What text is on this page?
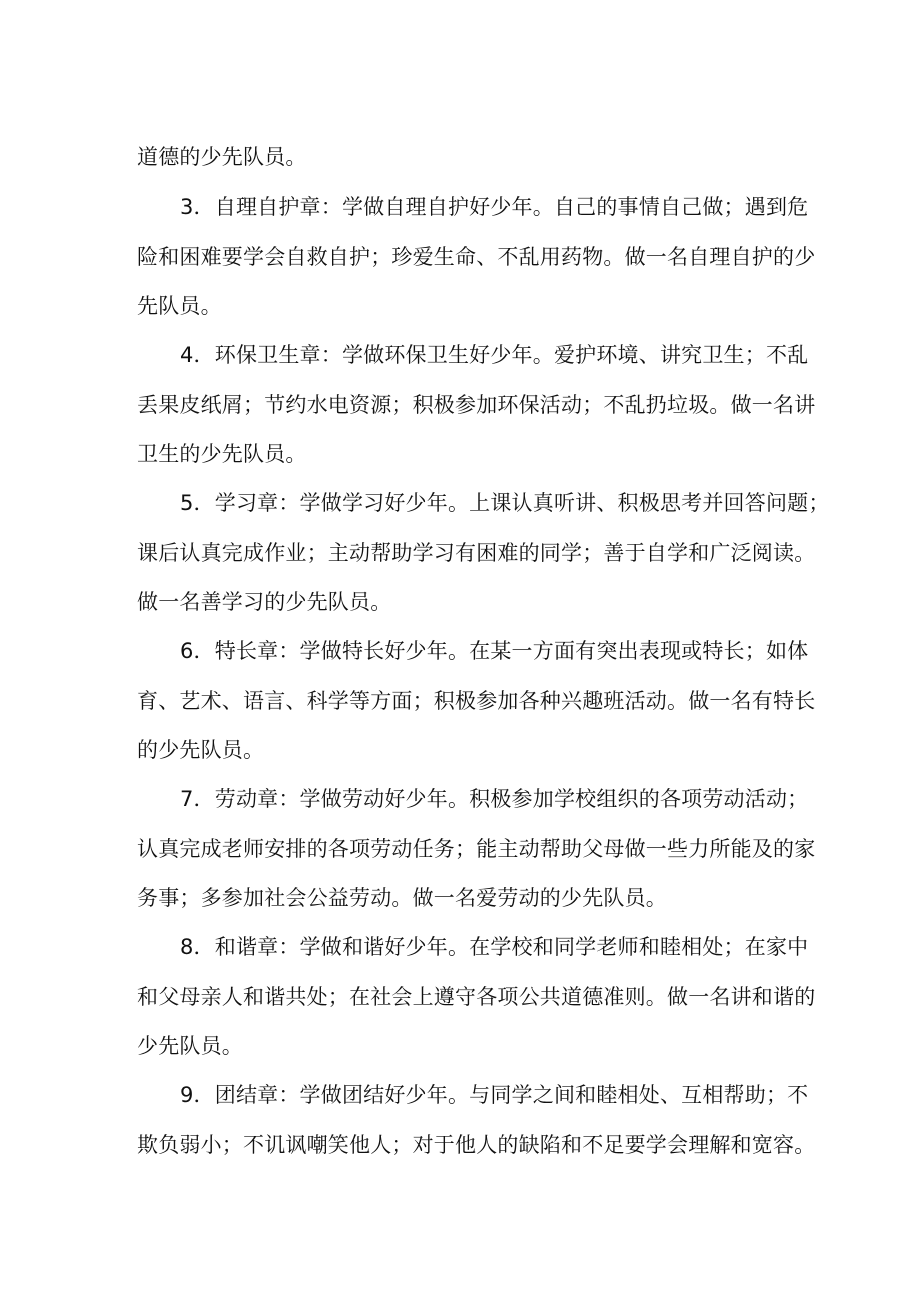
道德的少先队员。
3．自理自护章：学做自理自护好少年。自己的事情自己做；遇到危
险和困难要学会自救自护；珍爱生命、不乱用药物。做一名自理自护的少
先队员。
4．环保卫生章：学做环保卫生好少年。爱护环境、讲究卫生；不乱
丢果皮纸屑；节约水电资源；积极参加环保活动；不乱扔垃圾。做一名讲
卫生的少先队员。
5．学习章：学做学习好少年。上课认真听讲、积极思考并回答问题；
课后认真完成作业；主动帮助学习有困难的同学；善于自学和广泛阅读。
做一名善学习的少先队员。
6．特长章：学做特长好少年。在某一方面有突出表现或特长；如体
育、艺术、语言、科学等方面；积极参加各种兴趣班活动。做一名有特长
的少先队员。
7．劳动章：学做劳动好少年。积极参加学校组织的各项劳动活动；
认真完成老师安排的各项劳动任务；能主动帮助父母做一些力所能及的家
务事；多参加社会公益劳动。做一名爱劳动的少先队员。
8．和谐章：学做和谐好少年。在学校和同学老师和睦相处；在家中
和父母亲人和谐共处；在社会上遵守各项公共道德准则。做一名讲和谐的
少先队员。
9．团结章：学做团结好少年。与同学之间和睦相处、互相帮助；不
欺负弱小；不讥讽嘲笑他人；对于他人的缺陷和不足要学会理解和宽容。
